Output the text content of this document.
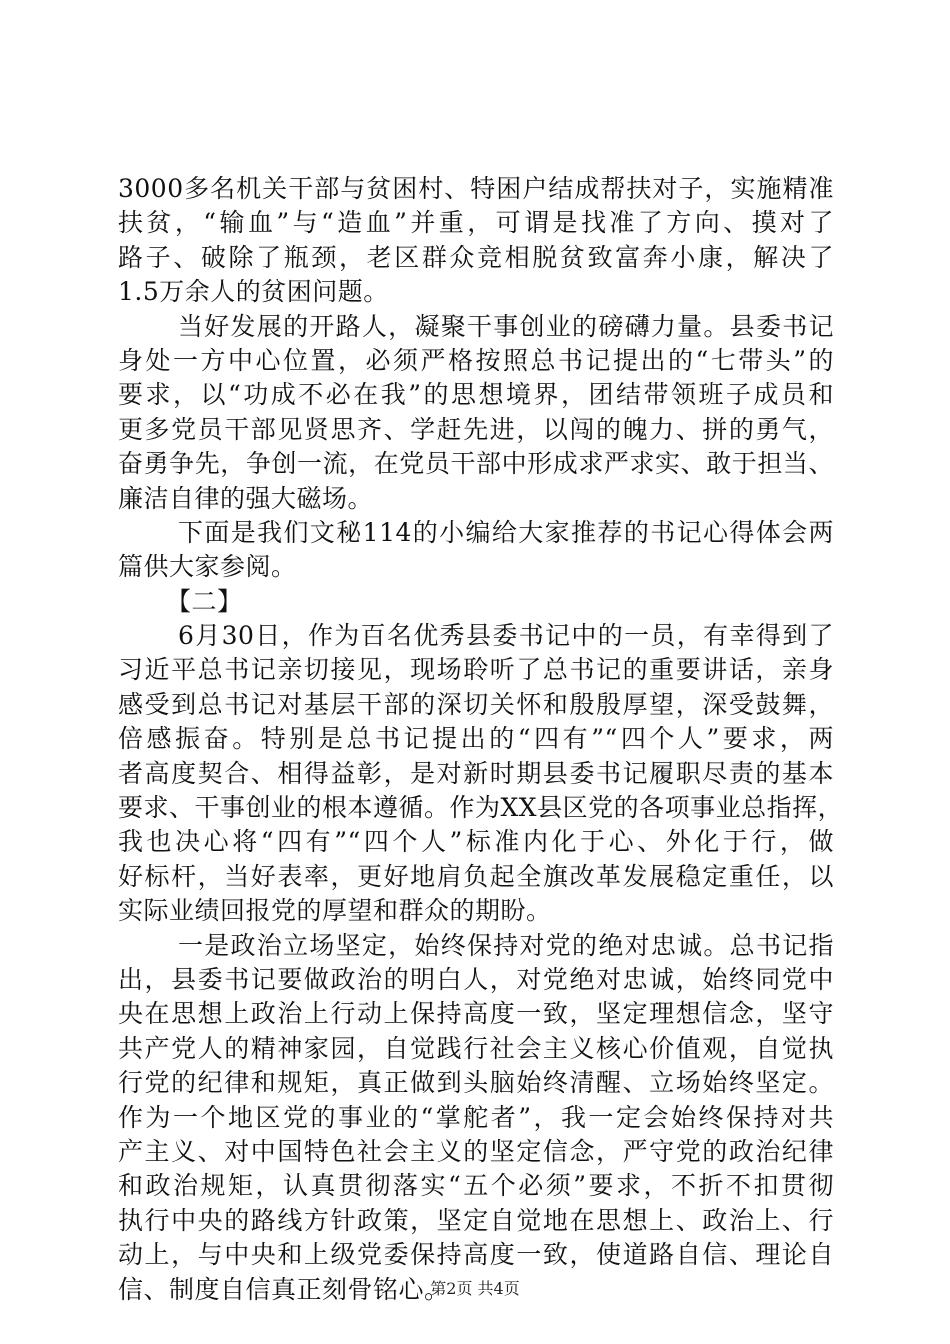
3000多名机关干部与贫困村、特困户结成帮扶对子，实施精准
扶贫，“输血”与“造血”并重，可谓是找准了方向、摸对了
路子、破除了瓶颈，老区群众竞相脱贫致富奔小康，解决了
1.5万余人的贫困问题。
当好发展的开路人，凝聚干事创业的磅礴力量。县委书记
身处一方中心位置，必须严格按照总书记提出的“七带头”的
要求，以“功成不必在我”的思想境界，团结带领班子成员和
更多党员干部见贤思齐、学赶先进，以闯的魄力、拼的勇气，
奋勇争先，争创一流，在党员干部中形成求严求实、敢于担当、
廉洁自律的强大磁场。
下面是我们文秘114的小编给大家推荐的书记心得体会两
篇供大家参阅。
【二】
6月30日，作为百名优秀县委书记中的一员，有幸得到了
习近平总书记亲切接见，现场聆听了总书记的重要讲话，亲身
感受到总书记对基层干部的深切关怀和殷殷厚望，深受鼓舞，
倍感振奋。特别是总书记提出的“四有”“四个人”要求，两
者高度契合、相得益彰，是对新时期县委书记履职尽责的基本
要求、干事创业的根本遵循。作为XX县区党的各项事业总指挥，
我也决心将“四有”“四个人”标准内化于心、外化于行，做
好标杆，当好表率，更好地肩负起全旗改革发展稳定重任，以
实际业绩回报党的厚望和群众的期盼。
一是政治立场坚定，始终保持对党的绝对忠诚。总书记指
出，县委书记要做政治的明白人，对党绝对忠诚，始终同党中
央在思想上政治上行动上保持高度一致，坚定理想信念，坚守
共产党人的精神家园，自觉践行社会主义核心价值观，自觉执
行党的纪律和规矩，真正做到头脑始终清醒、立场始终坚定。
作为一个地区党的事业的“掌舵者”，我一定会始终保持对共
产主义、对中国特色社会主义的坚定信念，严守党的政治纪律
和政治规矩，认真贯彻落实“五个必须”要求，不折不扣贯彻
执行中央的路线方针政策，坚定自觉地在思想上、政治上、行
动上，与中央和上级党委保持高度一致，使道路自信、理论自
信、制度自信真正刻骨铭心。
第2页 共4页
